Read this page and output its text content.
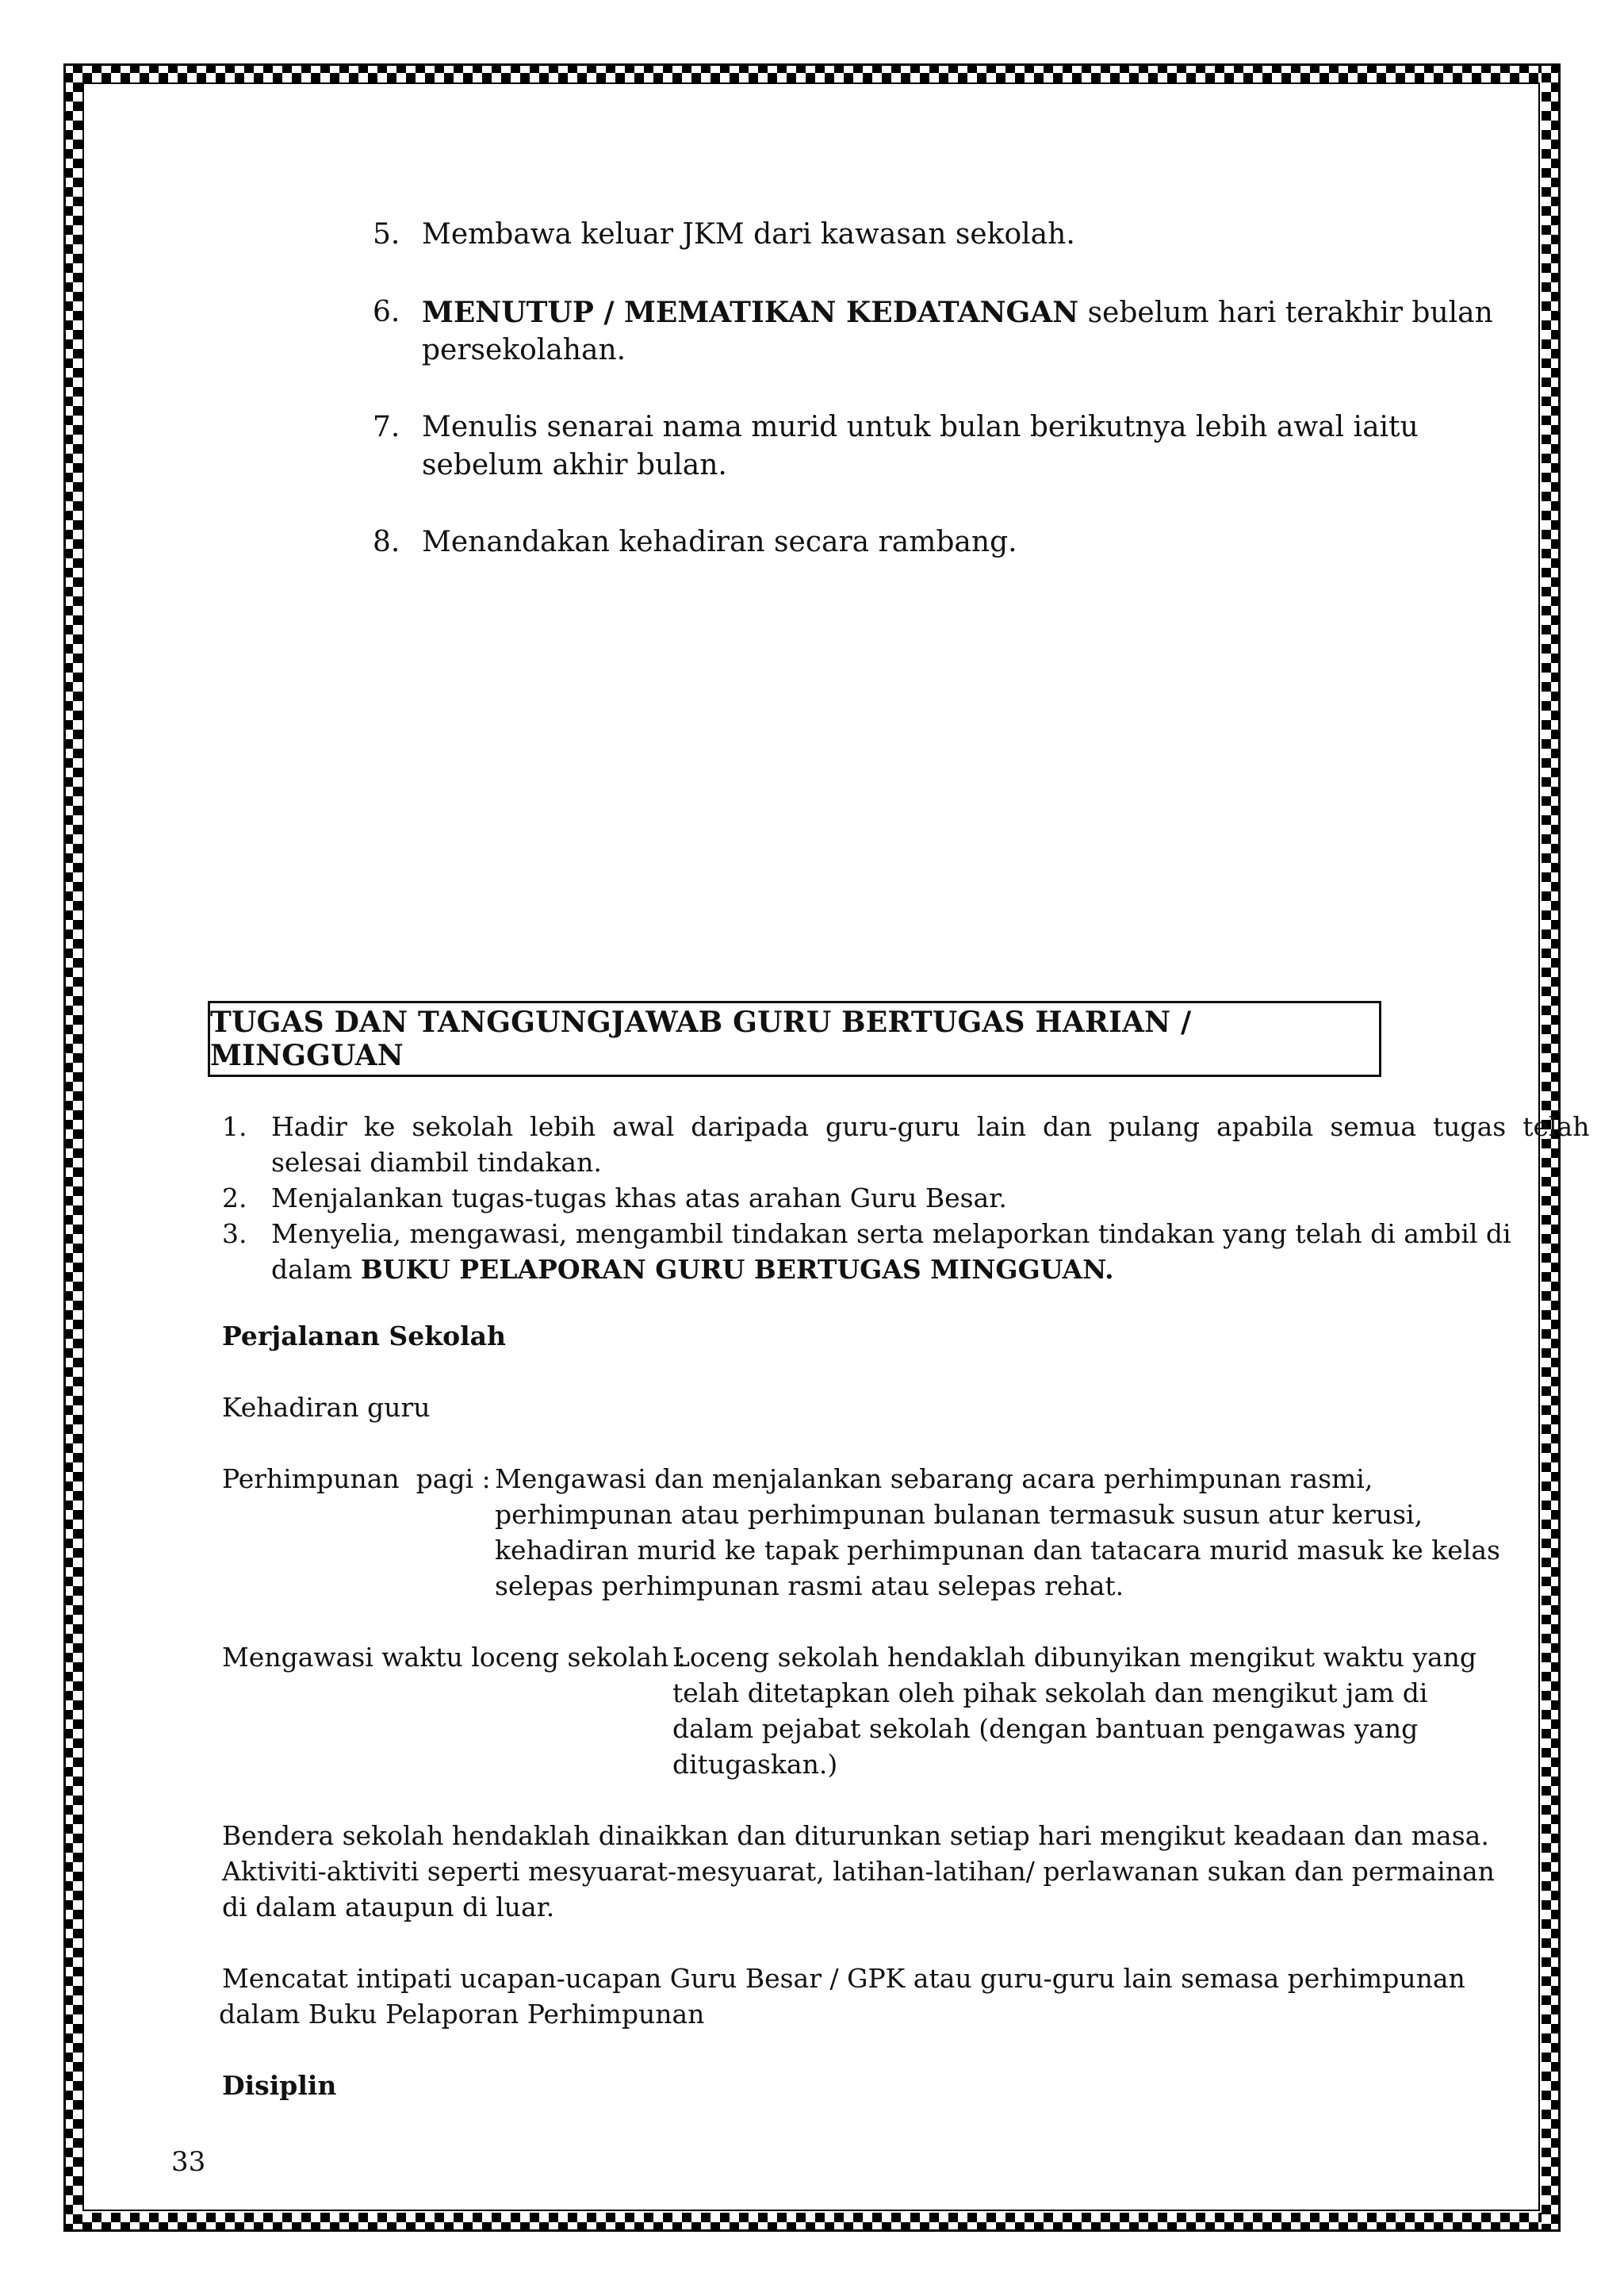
5. Membawa keluar JKM dari kawasan sekolah.
6. MENUTUP / MEMATIKAN KEDATANGAN sebelum hari terakhir bulan
persekolahan.
7. Menulis senarai nama murid untuk bulan berikutnya lebih awal iaitu
sebelum akhir bulan.
8. Menandakan kehadiran secara rambang.
TUGAS DAN TANGGUNGJAWAB GURU BERTUGAS HARIAN / MINGGUAN
1. Hadir  ke  sekolah  lebih  awal  daripada  guru-guru  lain  dan  pulang  apabila  semua  tugas  telah
selesai diambil tindakan.
2. Menjalankan tugas-tugas khas atas arahan Guru Besar.
3. Menyelia, mengawasi, mengambil tindakan serta melaporkan tindakan yang telah di ambil di
dalam BUKU PELAPORAN GURU BERTUGAS MINGGUAN.
Perjalanan Sekolah
Kehadiran guru
Perhimpunan  pagi : Mengawasi dan menjalankan sebarang acara perhimpunan rasmi,
perhimpunan atau perhimpunan bulanan termasuk susun atur kerusi,
kehadiran murid ke tapak perhimpunan dan tatacara murid masuk ke kelas
selepas perhimpunan rasmi atau selepas rehat.
Mengawasi waktu loceng sekolah :
Loceng sekolah hendaklah dibunyikan mengikut waktu yang
telah ditetapkan oleh pihak sekolah dan mengikut jam di
dalam pejabat sekolah (dengan bantuan pengawas yang
ditugaskan.)
Bendera sekolah hendaklah dinaikkan dan diturunkan setiap hari mengikut keadaan dan masa.
Aktiviti-aktiviti seperti mesyuarat-mesyuarat, latihan-latihan/ perlawanan sukan dan permainan
di dalam ataupun di luar.
Mencatat intipati ucapan-ucapan Guru Besar / GPK atau guru-guru lain semasa perhimpunan
dalam Buku Pelaporan Perhimpunan
Disiplin
33
